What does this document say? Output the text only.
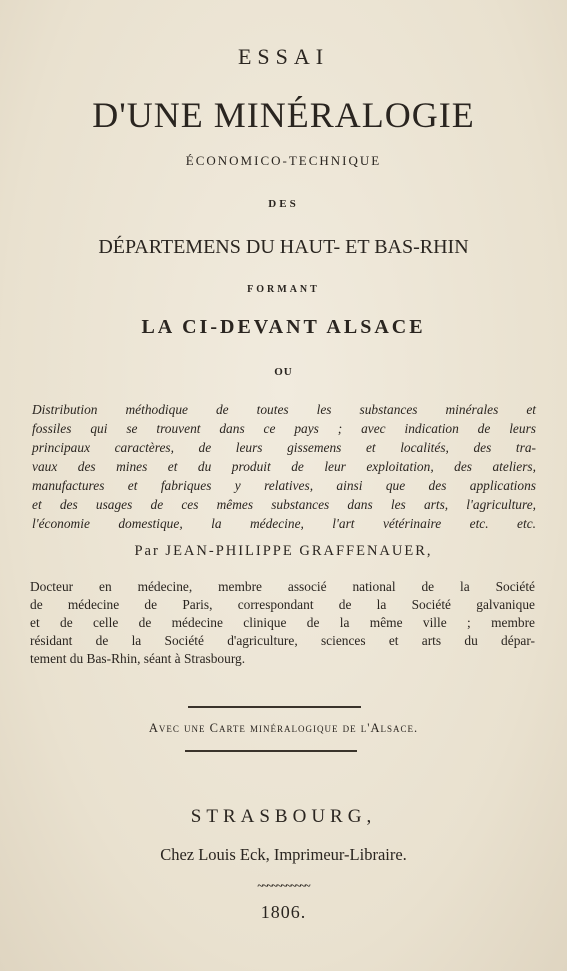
ESSAI
D'UNE MINÉRALOGIE
ÉCONOMICO-TECHNIQUE
DES
DÉPARTEMENS DU HAUT- ET BAS-RHIN
FORMANT
LA CI-DEVANT ALSACE
OU
Distribution méthodique de toutes les substances minérales et
fossiles qui se trouvent dans ce pays ; avec indication de leurs
principaux caractères, de leurs gissemens et localités, des tra-
vaux des mines et du produit de leur exploitation, des ateliers,
manufactures et fabriques y relatives, ainsi que des applications
et des usages de ces mêmes substances dans les arts, l'agriculture,
l'économie domestique, la médecine, l'art vétérinaire etc. etc.
Par JEAN-PHILIPPE GRAFFENAUER,
Docteur en médecine, membre associé national de la Société
de médecine de Paris, correspondant de la Société galvanique
et de celle de médecine clinique de la même ville ; membre
résidant de la Société d'agriculture, sciences et arts du dépar-
tement du Bas-Rhin, séant à Strasbourg.
Avec une Carte minéralogique de l'Alsace.
STRASBOURG,
Chez Louis Eck, Imprimeur-Libraire.
~~~~~~~~~~~
1806.
